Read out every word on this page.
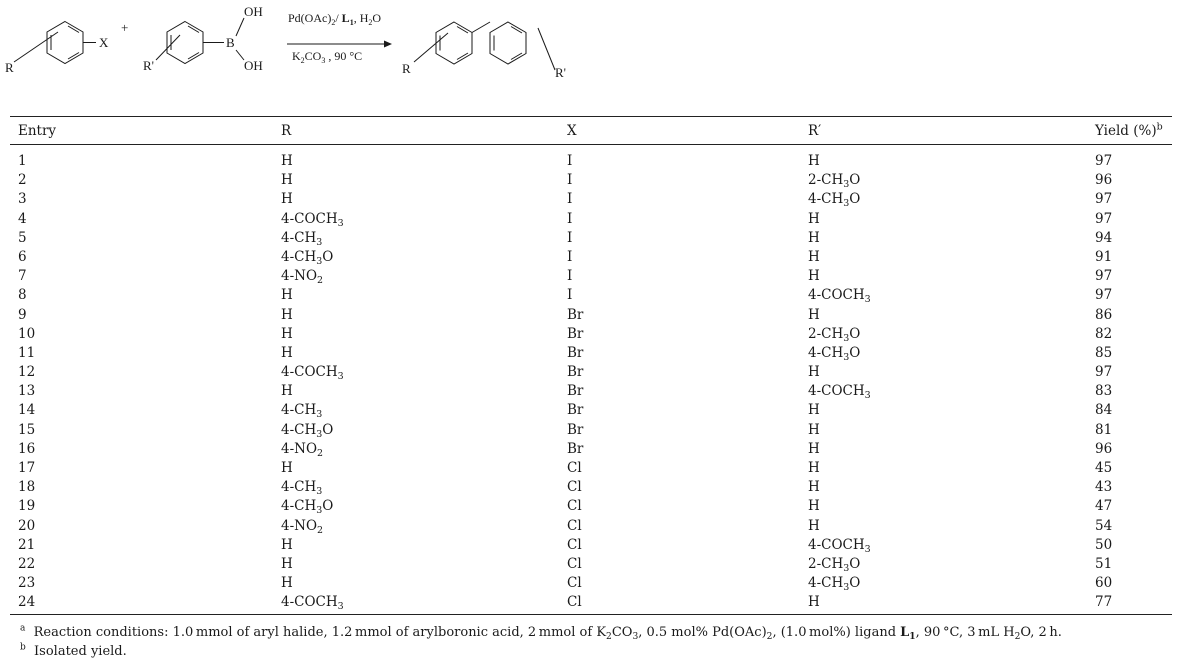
X
R
+
R'
B
OH
OH
$Pd(OAc)_2/$ $L_1$, $H_2O$
$K_2CO_3$ , 90 °C
R	R'
Entry	R	X	R′	Yield (%)$^b$
1	H	I	H	97
2	H	I	$2-CH_3O$	96
3	H	I	$4-CH_3O$	97
4	$4-COCH_3$	I	H	97
5	$4-CH_3$	I	H	94
6	$4-CH_3O$	I	H	91
7	$4-NO_2$	I	H	97
8	H	I	$4-COCH_3$	97
9	H	Br	H	86
10	H	Br	$2-CH_3O$	82
11	H	Br	$4-CH_3O$	85
12	$4-COCH_3$	Br	H	97
13	H	Br	$4-COCH_3$	83
14	$4-CH_3$	Br	H	84
15	$4-CH_3O$	Br	H	81
16	$4-NO_2$	Br	H	96
17	H	Cl	H	45
18	$4-CH_3$	Cl	H	43
19	$4-CH_3O$	Cl	H	47
20	$4-NO_2$	Cl	H	54
21	H	Cl	$4-COCH_3$	50
22	H	Cl	$2-CH_3O$	51
23	H	Cl	$4-CH_3O$	60
24	$4-COCH_3$	Cl	H	77
$^a$ Reaction conditions: 1.0 mmol of aryl halide, 1.2 mmol of arylboronic acid, 2 mmol of $K_2CO_3$, 0.5 mol% $Pd(OAc)_2$, (1.0 mol%) ligand $L_1$, 90 °C, 3 mL $H_2O$, 2 h.
$^b$ Isolated yield.
